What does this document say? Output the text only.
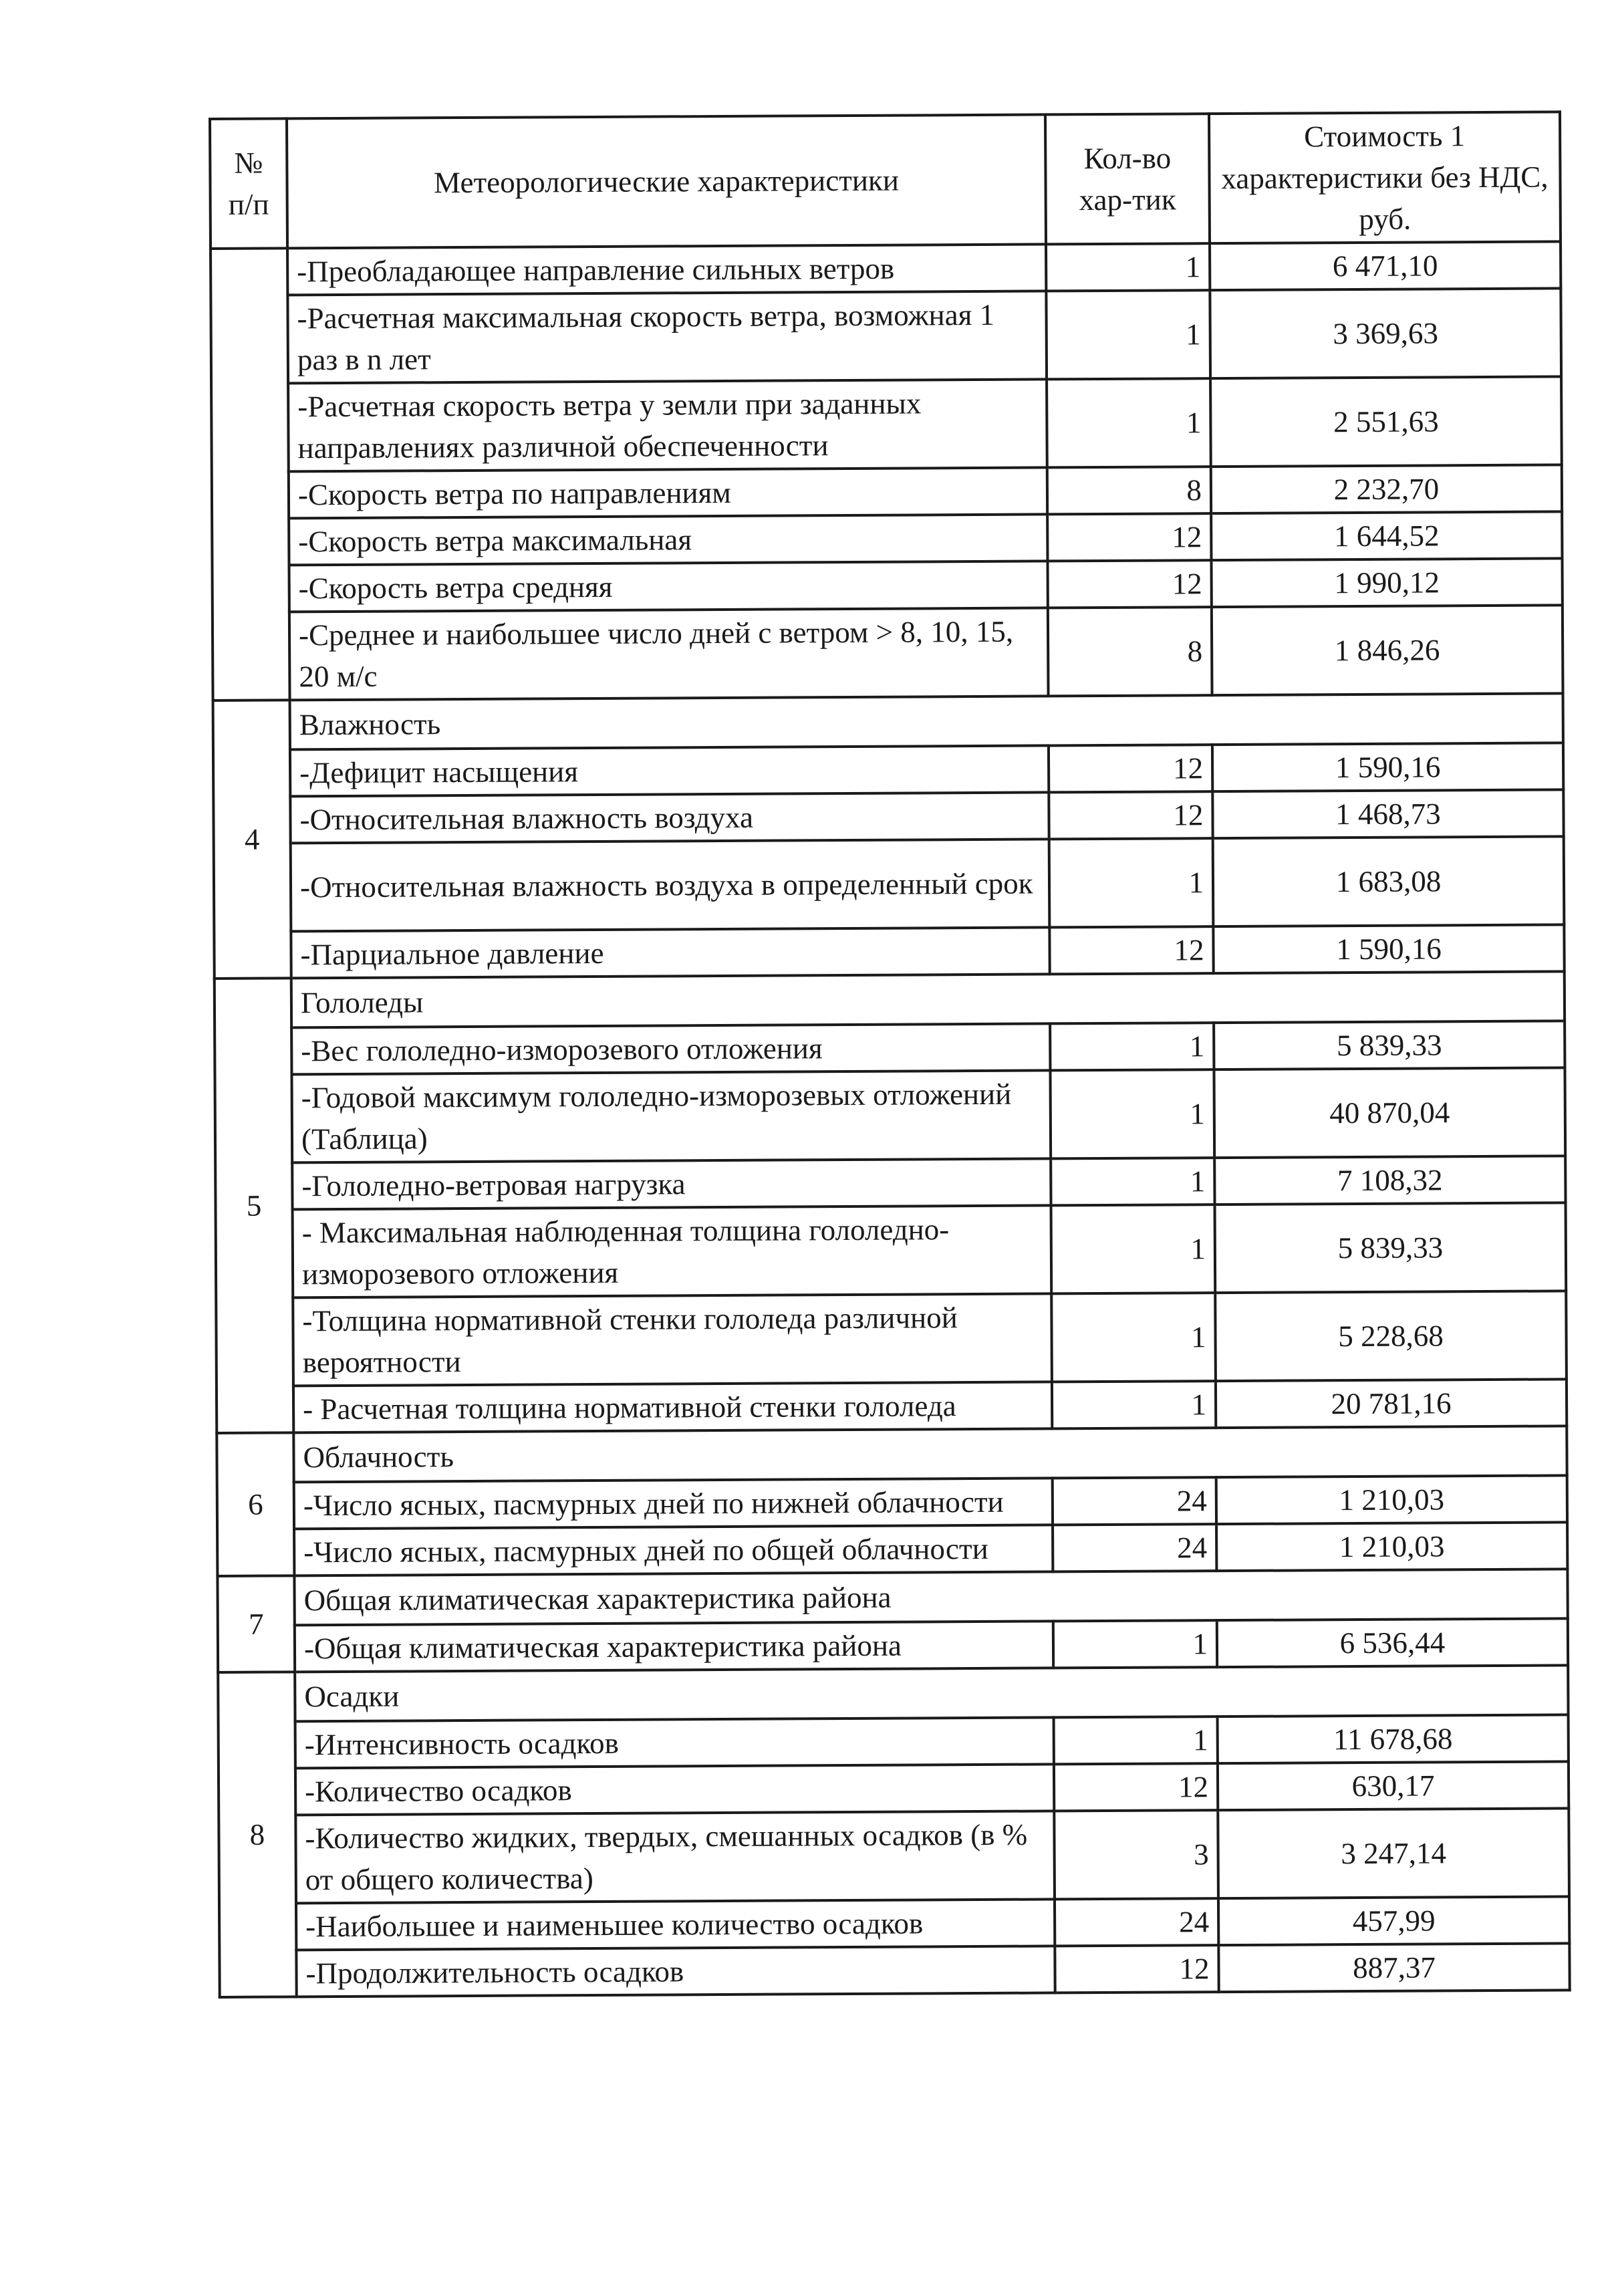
№ п/п	Метеорологические характеристики	Кол-во хар-тик	Стоимость 1 характеристики без НДС, руб.
	-Преобладающее направление сильных ветров	1	6 471,10
	-Расчетная максимальная скорость ветра, возможная 1 раз в n лет	1	3 369,63
	-Расчетная скорость ветра у земли при заданных направлениях различной обеспеченности	1	2 551,63
	-Скорость ветра по направлениям	8	2 232,70
	-Скорость ветра максимальная	12	1 644,52
	-Скорость ветра средняя	12	1 990,12
	-Среднее и наибольшее число дней с ветром > 8, 10, 15, 20 м/с	8	1 846,26
4	Влажность		
	-Дефицит насыщения	12	1 590,16
	-Относительная влажность воздуха	12	1 468,73
	-Относительная влажность воздуха в определенный срок	1	1 683,08
	-Парциальное давление	12	1 590,16
5	Гололеды		
	-Вес гололедно-изморозевого отложения	1	5 839,33
	-Годовой максимум гололедно-изморозевых отложений (Таблица)	1	40 870,04
	-Гололедно-ветровая нагрузка	1	7 108,32
	- Максимальная наблюденная толщина гололедно-изморозевого отложения	1	5 839,33
	-Толщина нормативной стенки гололеда различной вероятности	1	5 228,68
	- Расчетная толщина нормативной стенки гололеда	1	20 781,16
6	Облачность		
	-Число ясных, пасмурных дней по нижней облачности	24	1 210,03
	-Число ясных, пасмурных дней по общей облачности	24	1 210,03
7	Общая климатическая характеристика района		
	-Общая климатическая характеристика района	1	6 536,44
8	Осадки		
	-Интенсивность осадков	1	11 678,68
	-Количество осадков	12	630,17
	-Количество жидких, твердых, смешанных осадков (в % от общего количества)	3	3 247,14
	-Наибольшее и наименьшее количество осадков	24	457,99
	-Продолжительность осадков	12	887,37
